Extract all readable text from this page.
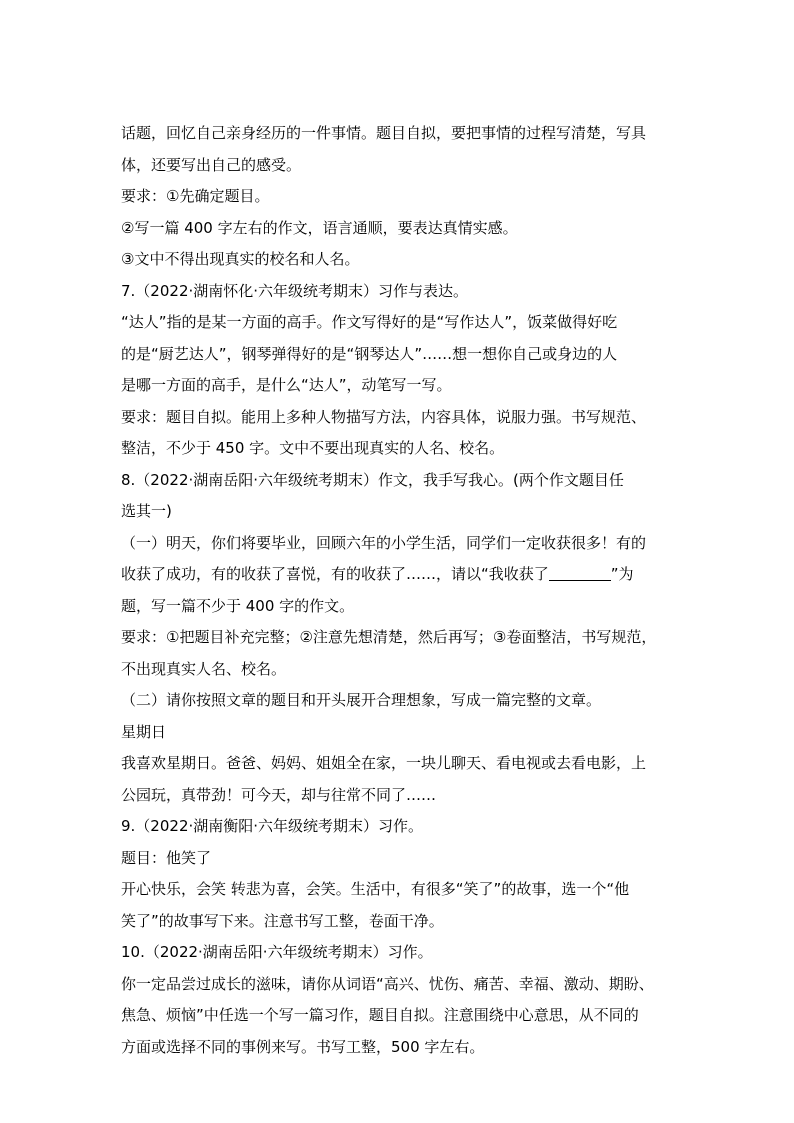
话题，回忆自己亲身经历的一件事情。题目自拟，要把事情的过程写清楚，写具
体，还要写出自己的感受。
要求：①先确定题目。
②写一篇 400 字左右的作文，语言通顺，要表达真情实感。
③文中不得出现真实的校名和人名。
7.（2022·湖南怀化·六年级统考期末）习作与表达。
“达人”指的是某一方面的高手。作文写得好的是“写作达人”，饭菜做得好吃
的是“厨艺达人”，钢琴弹得好的是“钢琴达人”……想一想你自己或身边的人
是哪一方面的高手，是什么“达人”，动笔写一写。
要求：题目自拟。能用上多种人物描写方法，内容具体，说服力强。书写规范、
整洁，不少于 450 字。文中不要出现真实的人名、校名。
8.（2022·湖南岳阳·六年级统考期末）作文，我手写我心。(两个作文题目任
选其一)
（一）明天，你们将要毕业，回顾六年的小学生活，同学们一定收获很多！有的
收获了成功，有的收获了喜悦，有的收获了……，请以“我收获了	”为
题，写一篇不少于 400 字的作文。
要求：①把题目补充完整；②注意先想清楚，然后再写；③卷面整洁，书写规范，
不出现真实人名、校名。
（二）请你按照文章的题目和开头展开合理想象，写成一篇完整的文章。
星期日
我喜欢星期日。爸爸、妈妈、姐姐全在家，一块儿聊天、看电视或去看电影，上
公园玩，真带劲！可今天，却与往常不同了……
9.（2022·湖南衡阳·六年级统考期末）习作。
题目：他笑了
开心快乐，会笑 转悲为喜，会笑。生活中，有很多“笑了”的故事，选一个“他
笑了”的故事写下来。注意书写工整，卷面干净。
10.（2022·湖南岳阳·六年级统考期末）习作。
你一定品尝过成长的滋味，请你从词语“高兴、忧伤、痛苦、幸福、激动、期盼、
焦急、烦恼”中任选一个写一篇习作，题目自拟。注意围绕中心意思，从不同的
方面或选择不同的事例来写。书写工整，500 字左右。
